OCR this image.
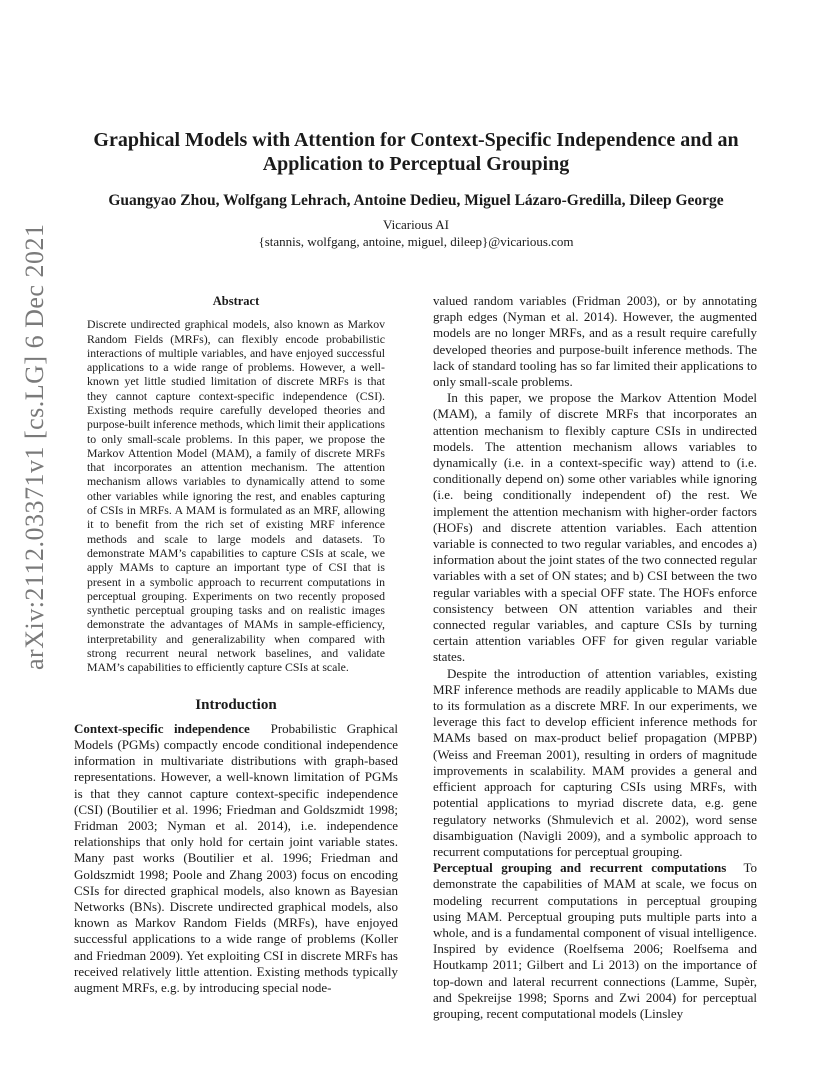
arXiv:2112.03371v1 [cs.LG] 6 Dec 2021
Graphical Models with Attention for Context-Specific Independence and an Application to Perceptual Grouping
Guangyao Zhou, Wolfgang Lehrach, Antoine Dedieu, Miguel Lázaro-Gredilla, Dileep George
Vicarious AI
{stannis, wolfgang, antoine, miguel, dileep}@vicarious.com
Abstract

Discrete undirected graphical models, also known as Markov Random Fields (MRFs), can flexibly encode probabilistic interactions of multiple variables, and have enjoyed successful applications to a wide range of problems. However, a well-known yet little studied limitation of discrete MRFs is that they cannot capture context-specific independence (CSI). Existing methods require carefully developed theories and purpose-built inference methods, which limit their applications to only small-scale problems. In this paper, we propose the Markov Attention Model (MAM), a family of discrete MRFs that incorporates an attention mechanism. The attention mechanism allows variables to dynamically attend to some other variables while ignoring the rest, and enables capturing of CSIs in MRFs. A MAM is formulated as an MRF, allowing it to benefit from the rich set of existing MRF inference methods and scale to large models and datasets. To demonstrate MAM’s capabilities to capture CSIs at scale, we apply MAMs to capture an important type of CSI that is present in a symbolic approach to recurrent computations in perceptual grouping. Experiments on two recently proposed synthetic perceptual grouping tasks and on realistic images demonstrate the advantages of MAMs in sample-efficiency, interpretability and generalizability when compared with strong recurrent neural network baselines, and validate MAM’s capabilities to efficiently capture CSIs at scale.

Introduction

Context-specific independence Probabilistic Graphical Models (PGMs) compactly encode conditional independence information in multivariate distributions with graph-based representations. However, a well-known limitation of PGMs is that they cannot capture context-specific independence (CSI) (Boutilier et al. 1996; Friedman and Goldszmidt 1998; Fridman 2003; Nyman et al. 2014), i.e. independence relationships that only hold for certain joint variable states. Many past works (Boutilier et al. 1996; Friedman and Goldszmidt 1998; Poole and Zhang 2003) focus on encoding CSIs for directed graphical models, also known as Bayesian Networks (BNs). Discrete undirected graphical models, also known as Markov Random Fields (MRFs), have enjoyed successful applications to a wide range of problems (Koller and Friedman 2009). Yet exploiting CSI in discrete MRFs has received relatively little attention. Existing methods typically augment MRFs, e.g. by introducing special node-

valued random variables (Fridman 2003), or by annotating graph edges (Nyman et al. 2014). However, the augmented models are no longer MRFs, and as a result require carefully developed theories and purpose-built inference methods. The lack of standard tooling has so far limited their applications to only small-scale problems.

In this paper, we propose the Markov Attention Model (MAM), a family of discrete MRFs that incorporates an attention mechanism to flexibly capture CSIs in undirected models. The attention mechanism allows variables to dynamically (i.e. in a context-specific way) attend to (i.e. conditionally depend on) some other variables while ignoring (i.e. being conditionally independent of) the rest. We implement the attention mechanism with higher-order factors (HOFs) and discrete attention variables. Each attention variable is connected to two regular variables, and encodes a) information about the joint states of the two connected regular variables with a set of ON states; and b) CSI between the two regular variables with a special OFF state. The HOFs enforce consistency between ON attention variables and their connected regular variables, and capture CSIs by turning certain attention variables OFF for given regular variable states.

Despite the introduction of attention variables, existing MRF inference methods are readily applicable to MAMs due to its formulation as a discrete MRF. In our experiments, we leverage this fact to develop efficient inference methods for MAMs based on max-product belief propagation (MPBP) (Weiss and Freeman 2001), resulting in orders of magnitude improvements in scalability. MAM provides a general and efficient approach for capturing CSIs using MRFs, with potential applications to myriad discrete data, e.g. gene regulatory networks (Shmulevich et al. 2002), word sense disambiguation (Navigli 2009), and a symbolic approach to recurrent computations for perceptual grouping.

Perceptual grouping and recurrent computations To demonstrate the capabilities of MAM at scale, we focus on modeling recurrent computations in perceptual grouping using MAM. Perceptual grouping puts multiple parts into a whole, and is a fundamental component of visual intelligence. Inspired by evidence (Roelfsema 2006; Roelfsema and Houtkamp 2011; Gilbert and Li 2013) on the importance of top-down and lateral recurrent connections (Lamme, Supèr, and Spekreijse 1998; Sporns and Zwi 2004) for perceptual grouping, recent computational models (Linsley
